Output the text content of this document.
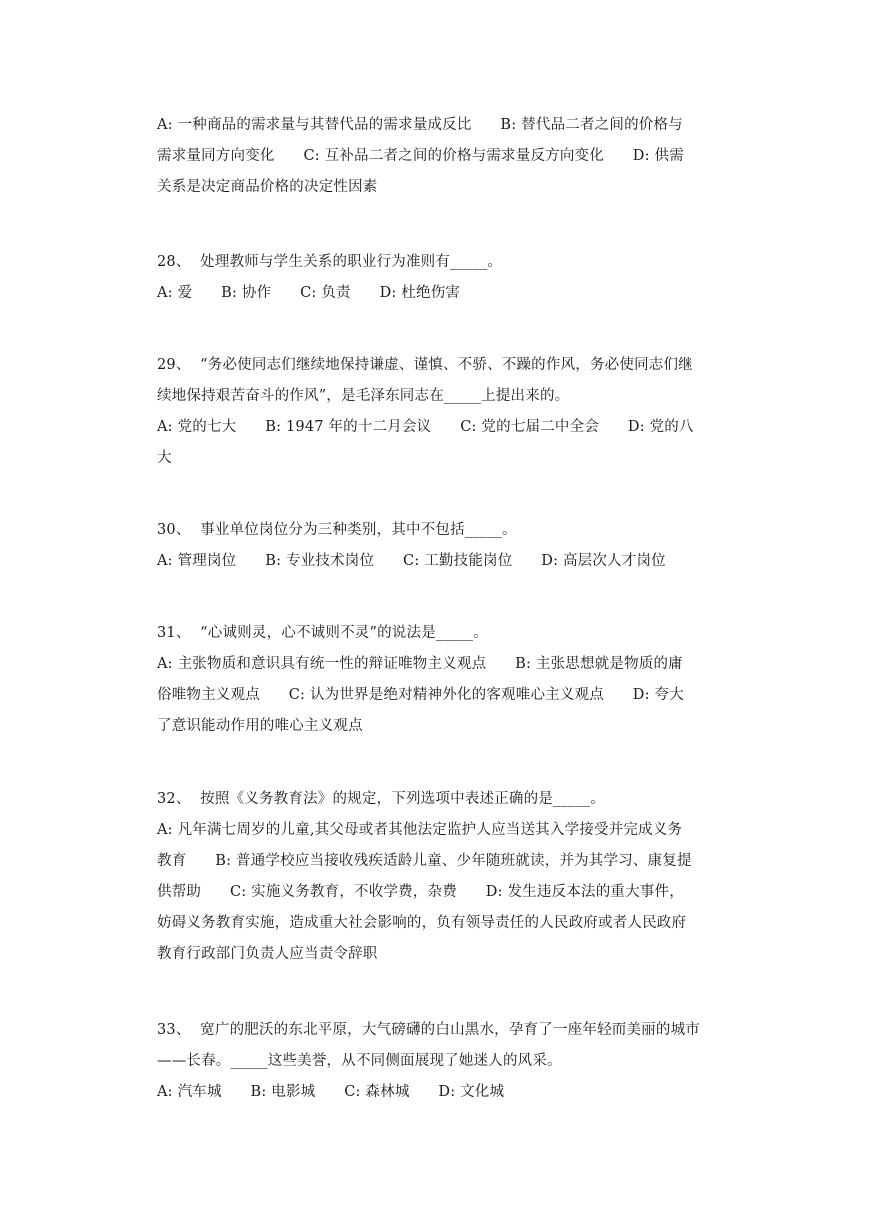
A: 一种商品的需求量与其替代品的需求量成反比      B: 替代品二者之间的价格与
需求量同方向变化      C: 互补品二者之间的价格与需求量反方向变化      D: 供需
关系是决定商品价格的决定性因素
28、  处理教师与学生关系的职业行为准则有_____。
A: 爱      B: 协作      C: 负责      D: 杜绝伤害
29、  “务必使同志们继续地保持谦虚、谨慎、不骄、不躁的作风，务必使同志们继
续地保持艰苦奋斗的作风”，是毛泽东同志在_____上提出来的。
A: 党的七大      B: 1947 年的十二月会议      C: 党的七届二中全会      D: 党的八
大
30、  事业单位岗位分为三种类别，其中不包括_____。
A: 管理岗位      B: 专业技术岗位      C: 工勤技能岗位      D: 高层次人才岗位
31、  “心诚则灵，心不诚则不灵”的说法是_____。
A: 主张物质和意识具有统一性的辩证唯物主义观点      B: 主张思想就是物质的庸
俗唯物主义观点      C: 认为世界是绝对精神外化的客观唯心主义观点      D: 夸大
了意识能动作用的唯心主义观点
32、  按照《义务教育法》的规定，下列选项中表述正确的是_____。
A: 凡年满七周岁的儿童,其父母或者其他法定监护人应当送其入学接受并完成义务
教育      B: 普通学校应当接收残疾适龄儿童、少年随班就读，并为其学习、康复提
供帮助      C: 实施义务教育，不收学费，杂费      D: 发生违反本法的重大事件，
妨碍义务教育实施，造成重大社会影响的，负有领导责任的人民政府或者人民政府
教育行政部门负责人应当责令辞职
33、  宽广的肥沃的东北平原，大气磅礴的白山黑水，孕育了一座年轻而美丽的城市
——长春。_____这些美誉，从不同侧面展现了她迷人的风采。
A: 汽车城      B: 电影城      C: 森林城      D: 文化城
